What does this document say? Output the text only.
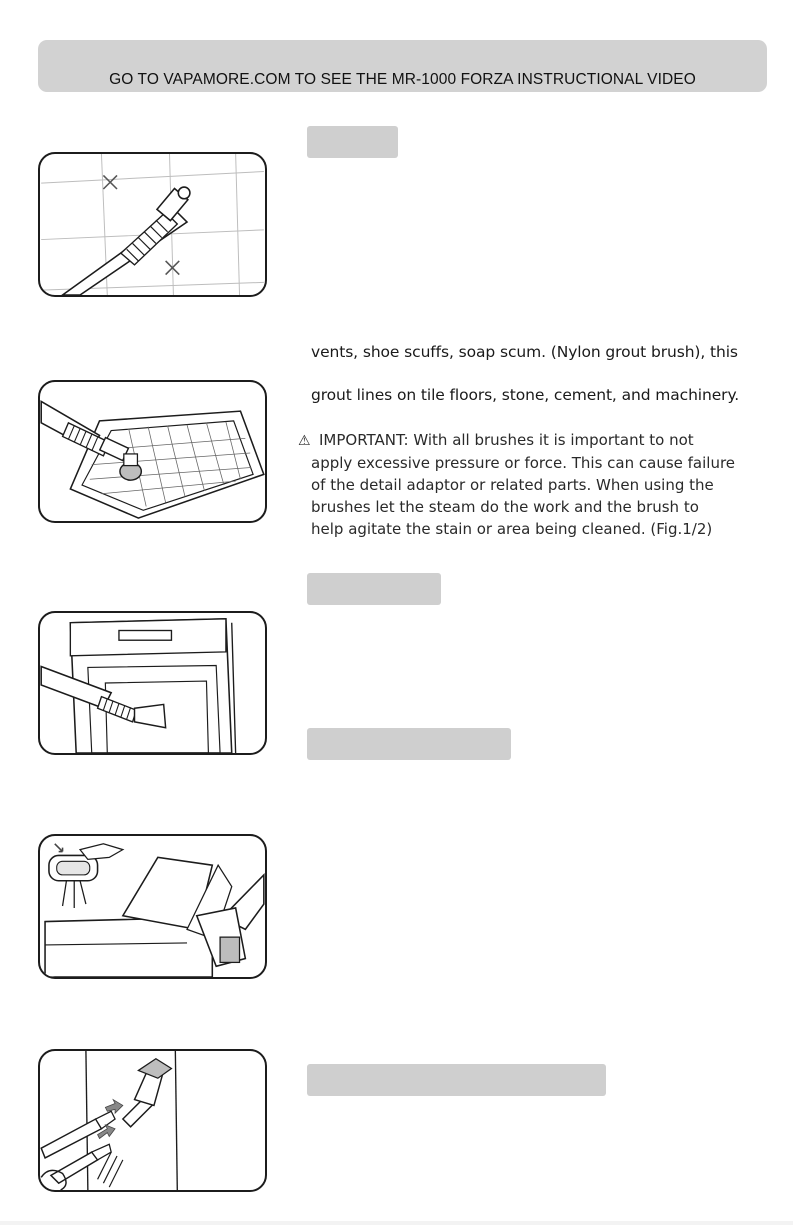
GO TO VAPAMORE.COM TO SEE THE MR-1000 FORZA INSTRUCTIONAL VIDEO
vents, shoe scuffs, soap scum. (Nylon grout brush), this
grout lines on tile floors, stone, cement, and machinery.
⚠ IMPORTANT: With all brushes it is important to not
apply excessive pressure or force. This can cause failure
of the detail adaptor or related parts. When using the
brushes let the steam do the work and the brush to
help agitate the stain or area being cleaned. (Fig.1/2)
